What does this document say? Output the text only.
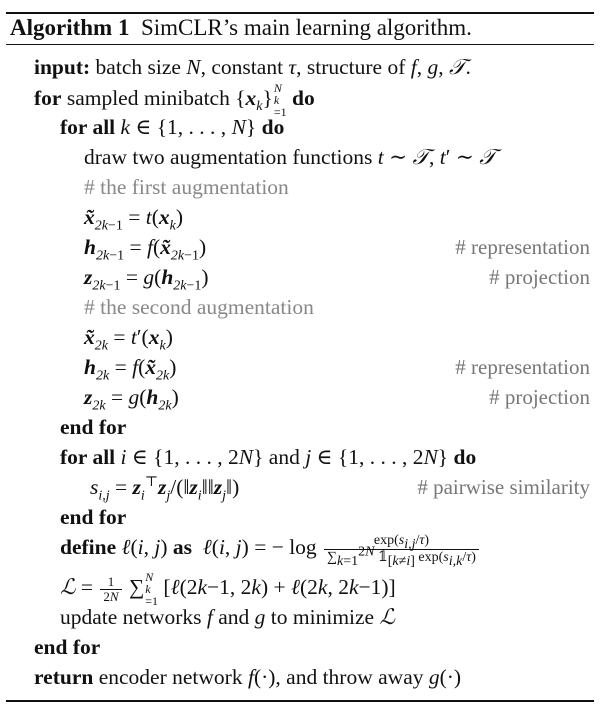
Algorithm 1 SimCLR’s main learning algorithm.
input: batch size N, constant τ, structure of f, g, 𝒯.
for sampled minibatch $\{x_k\}$ N
k
=1
do
for all k ∈ {1, . . . , N} do
draw two augmentation functions t ∼ 𝒯, t′ ∼ 𝒯
# the first augmentation
$x̃_{2k-1} = t(x_k)$
$h_{2k-1}$ = $f(x̃_{2k-1})$	# representation
$z_{2k-1} = g(h_{2k-1})$	# projection
# the second augmentation
$x̃_{2k} = t'(x_k)$
$h_{2k}$ = $f(x̃_{2k})$	# representation
$z_{2k} = g(h_{2k})$	# projection
end for
for all i ∈ {1, . . . , 2N} and j ∈ {1, . . . , 2N} do
$s_{i,j}$ = $z_i^⊤z_j/(‖z_i‖‖z_j‖)$	# pairwise similarity
end for
define ℓ(i, j) as ℓ(i, j) = − $\log \frac{\exp(s_{i,j}/\tau)}{\sum_{k=1}^{2N} 𝟙_{[k\ne i]} \exp(s_{i,k}/\tau)}$
ℒ = $\frac{1}{2N}$ ∑ N
k
=1
[ℓ(2k−1, 2k) + ℓ(2k, 2k−1)]
update networks f and g to minimize ℒ
end for
return encoder network f(·), and throw away g(·)
